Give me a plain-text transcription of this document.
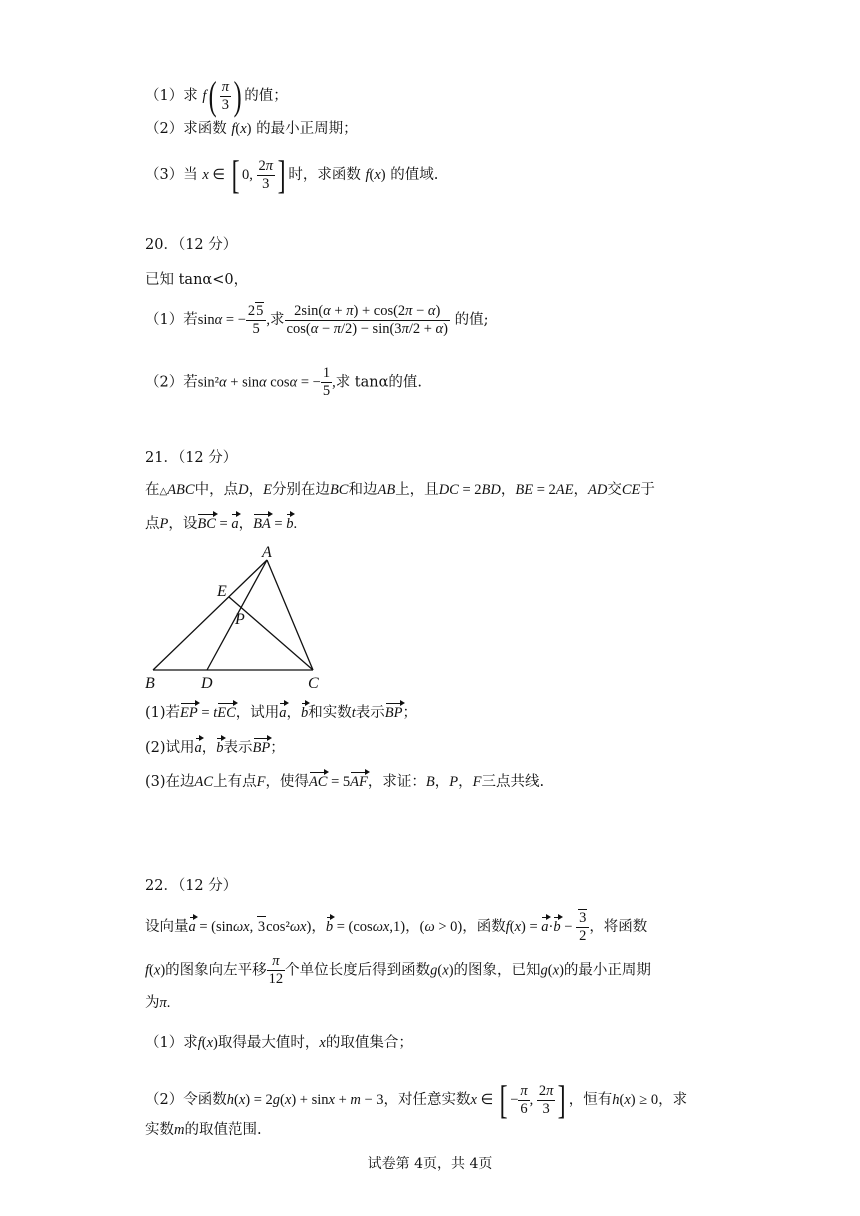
（1）求 $f( \frac{\pi}{3}$ ) 的值；
（2）求函数 f(x) 的最小正周期；
（3）当 x ∈ [ 0, $\frac{2\pi}{3}$ ] 时，求函数 f(x) 的值域.
20．（12 分）
已知 tanα<0，
（1）若sinα = − $\frac{25}{5}$ ,求 $\frac{2\sin(\alpha + \pi) + \cos(2\pi - \alpha)}{\cos(\alpha - \pi/2) - \sin(3\pi/2 + \alpha)}$ 的值;
（2）若sin²α + sinα cosα = − $\frac{1}{5}$ ,求 tanα的值.
21．（12 分）
在△ABC中，点D，E分别在边BC和边AB上，且DC = 2BD，BE = 2AE，AD交CE于
点P，设BC = a，BA = b.
A
E
P
B	D	C
(1)若EP = tEC，试用a，b和实数t表示BP；
(2)试用a，b表示BP；
(3)在边AC上有点F，使得AC = 5AF，求证：B，P，F三点共线.
22．（12 分）
设向量a = (sinωx, 3cos²ωx)，b = (cosωx,1)，(ω > 0)，函数$f(x) = a\cdot b - \frac{3}{2}$ ，将函数
f(x)的图象向左平移 $\frac{\pi}{12}$ 个单位长度后得到函数g(x)的图象，已知g(x)的最小正周期
为π.
（1）求f(x)取得最大值时，x的取值集合；
（2）令函数h(x) = 2g(x) + sinx + m − 3，对任意实数x ∈ [ − $\frac{\pi}{6}$ , $\frac{2\pi}{3}$ ] ，恒有h(x) ≥ 0，求
实数m的取值范围.
试卷第 4页，共 4页
